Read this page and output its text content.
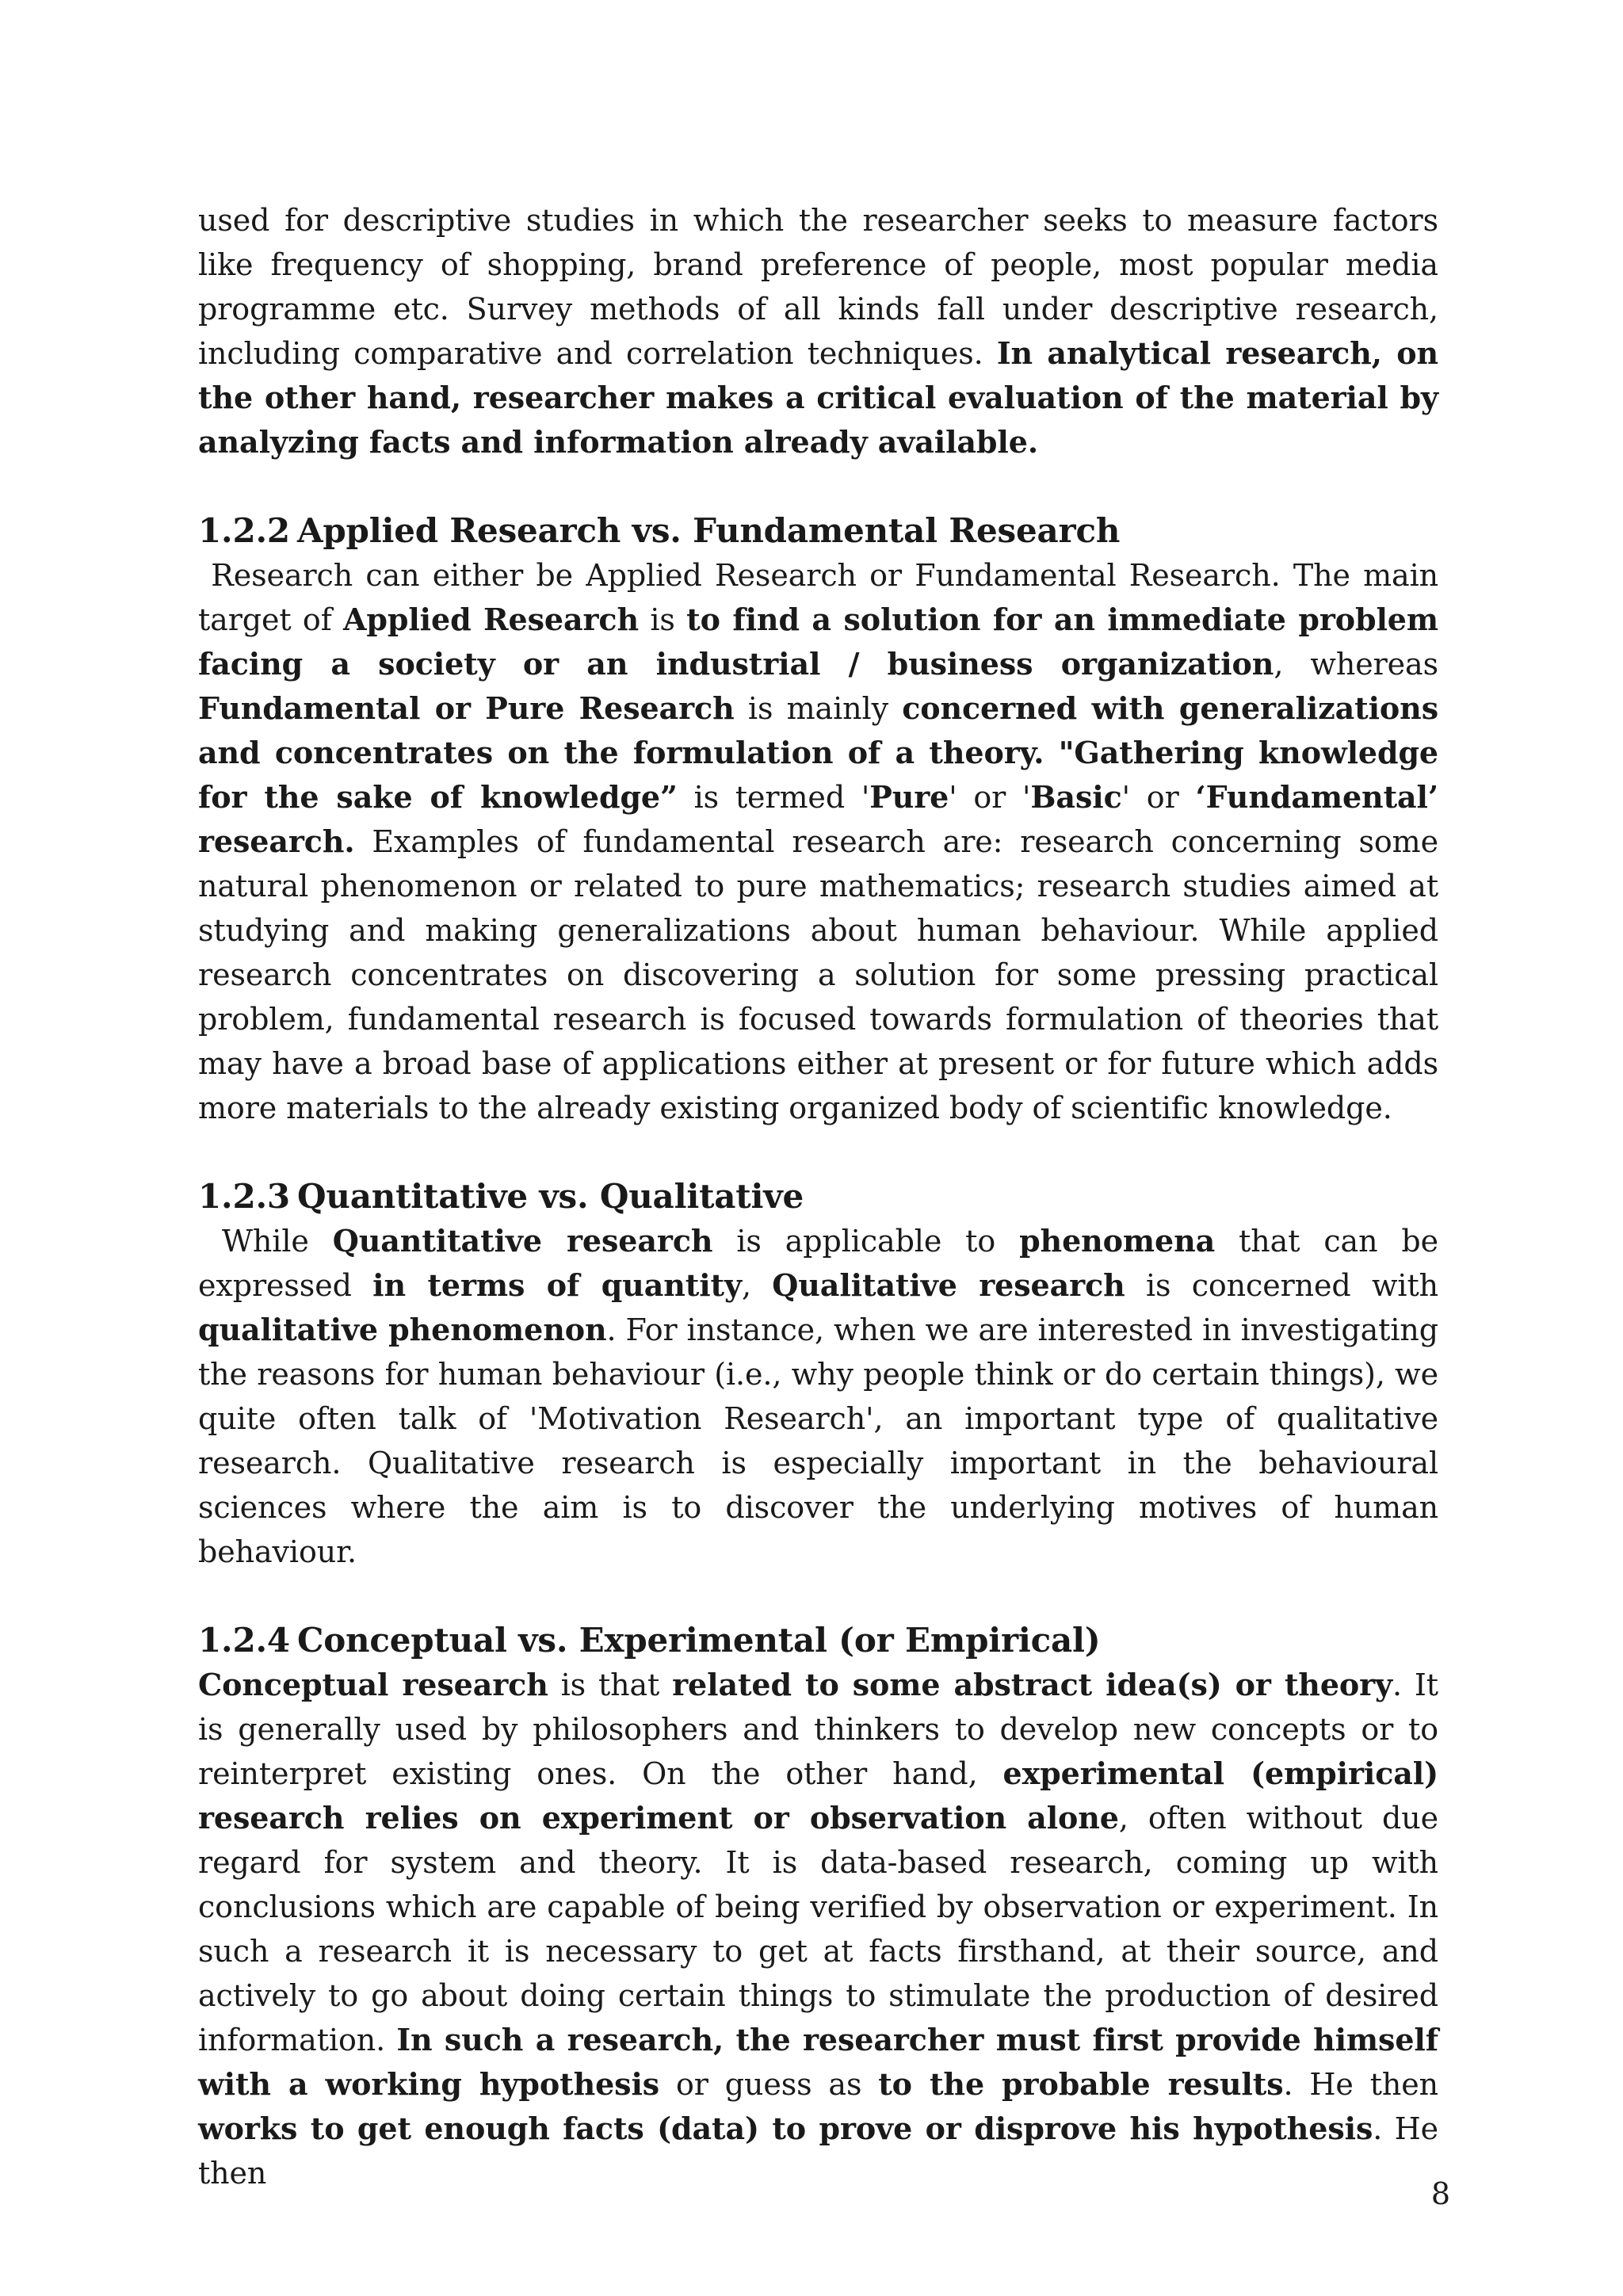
used for descriptive studies in which the researcher seeks to measure factors like frequency of shopping, brand preference of people, most popular media programme etc. Survey methods of all kinds fall under descriptive research, including comparative and correlation techniques. In analytical research, on the other hand, researcher makes a critical evaluation of the material by analyzing facts and information already available.

1.2.2 Applied Research vs. Fundamental Research

Research can either be Applied Research or Fundamental Research. The main target of Applied Research is to find a solution for an immediate problem facing a society or an industrial / business organization, whereas Fundamental or Pure Research is mainly concerned with generalizations and concentrates on the formulation of a theory. "Gathering knowledge for the sake of knowledge” is termed 'Pure' or 'Basic' or ‘Fundamental’ research. Examples of fundamental research are: research concerning some natural phenomenon or related to pure mathematics; research studies aimed at studying and making generalizations about human behaviour. While applied research concentrates on discovering a solution for some pressing practical problem, fundamental research is focused towards formulation of theories that may have a broad base of applications either at present or for future which adds more materials to the already existing organized body of scientific knowledge.

1.2.3 Quantitative vs. Qualitative

While Quantitative research is applicable to phenomena that can be expressed in terms of quantity, Qualitative research is concerned with qualitative phenomenon. For instance, when we are interested in investigating the reasons for human behaviour (i.e., why people think or do certain things), we quite often talk of 'Motivation Research', an important type of qualitative research. Qualitative research is especially important in the behavioural sciences where the aim is to discover the underlying motives of human behaviour.

1.2.4 Conceptual vs. Experimental (or Empirical)

Conceptual research is that related to some abstract idea(s) or theory. It is generally used by philosophers and thinkers to develop new concepts or to reinterpret existing ones. On the other hand, experimental (empirical) research relies on experiment or observation alone, often without due regard for system and theory. It is data-based research, coming up with conclusions which are capable of being verified by observation or experiment. In such a research it is necessary to get at facts firsthand, at their source, and actively to go about doing certain things to stimulate the production of desired information. In such a research, the researcher must first provide himself with a working hypothesis or guess as to the probable results. He then works to get enough facts (data) to prove or disprove his hypothesis. He then

8
